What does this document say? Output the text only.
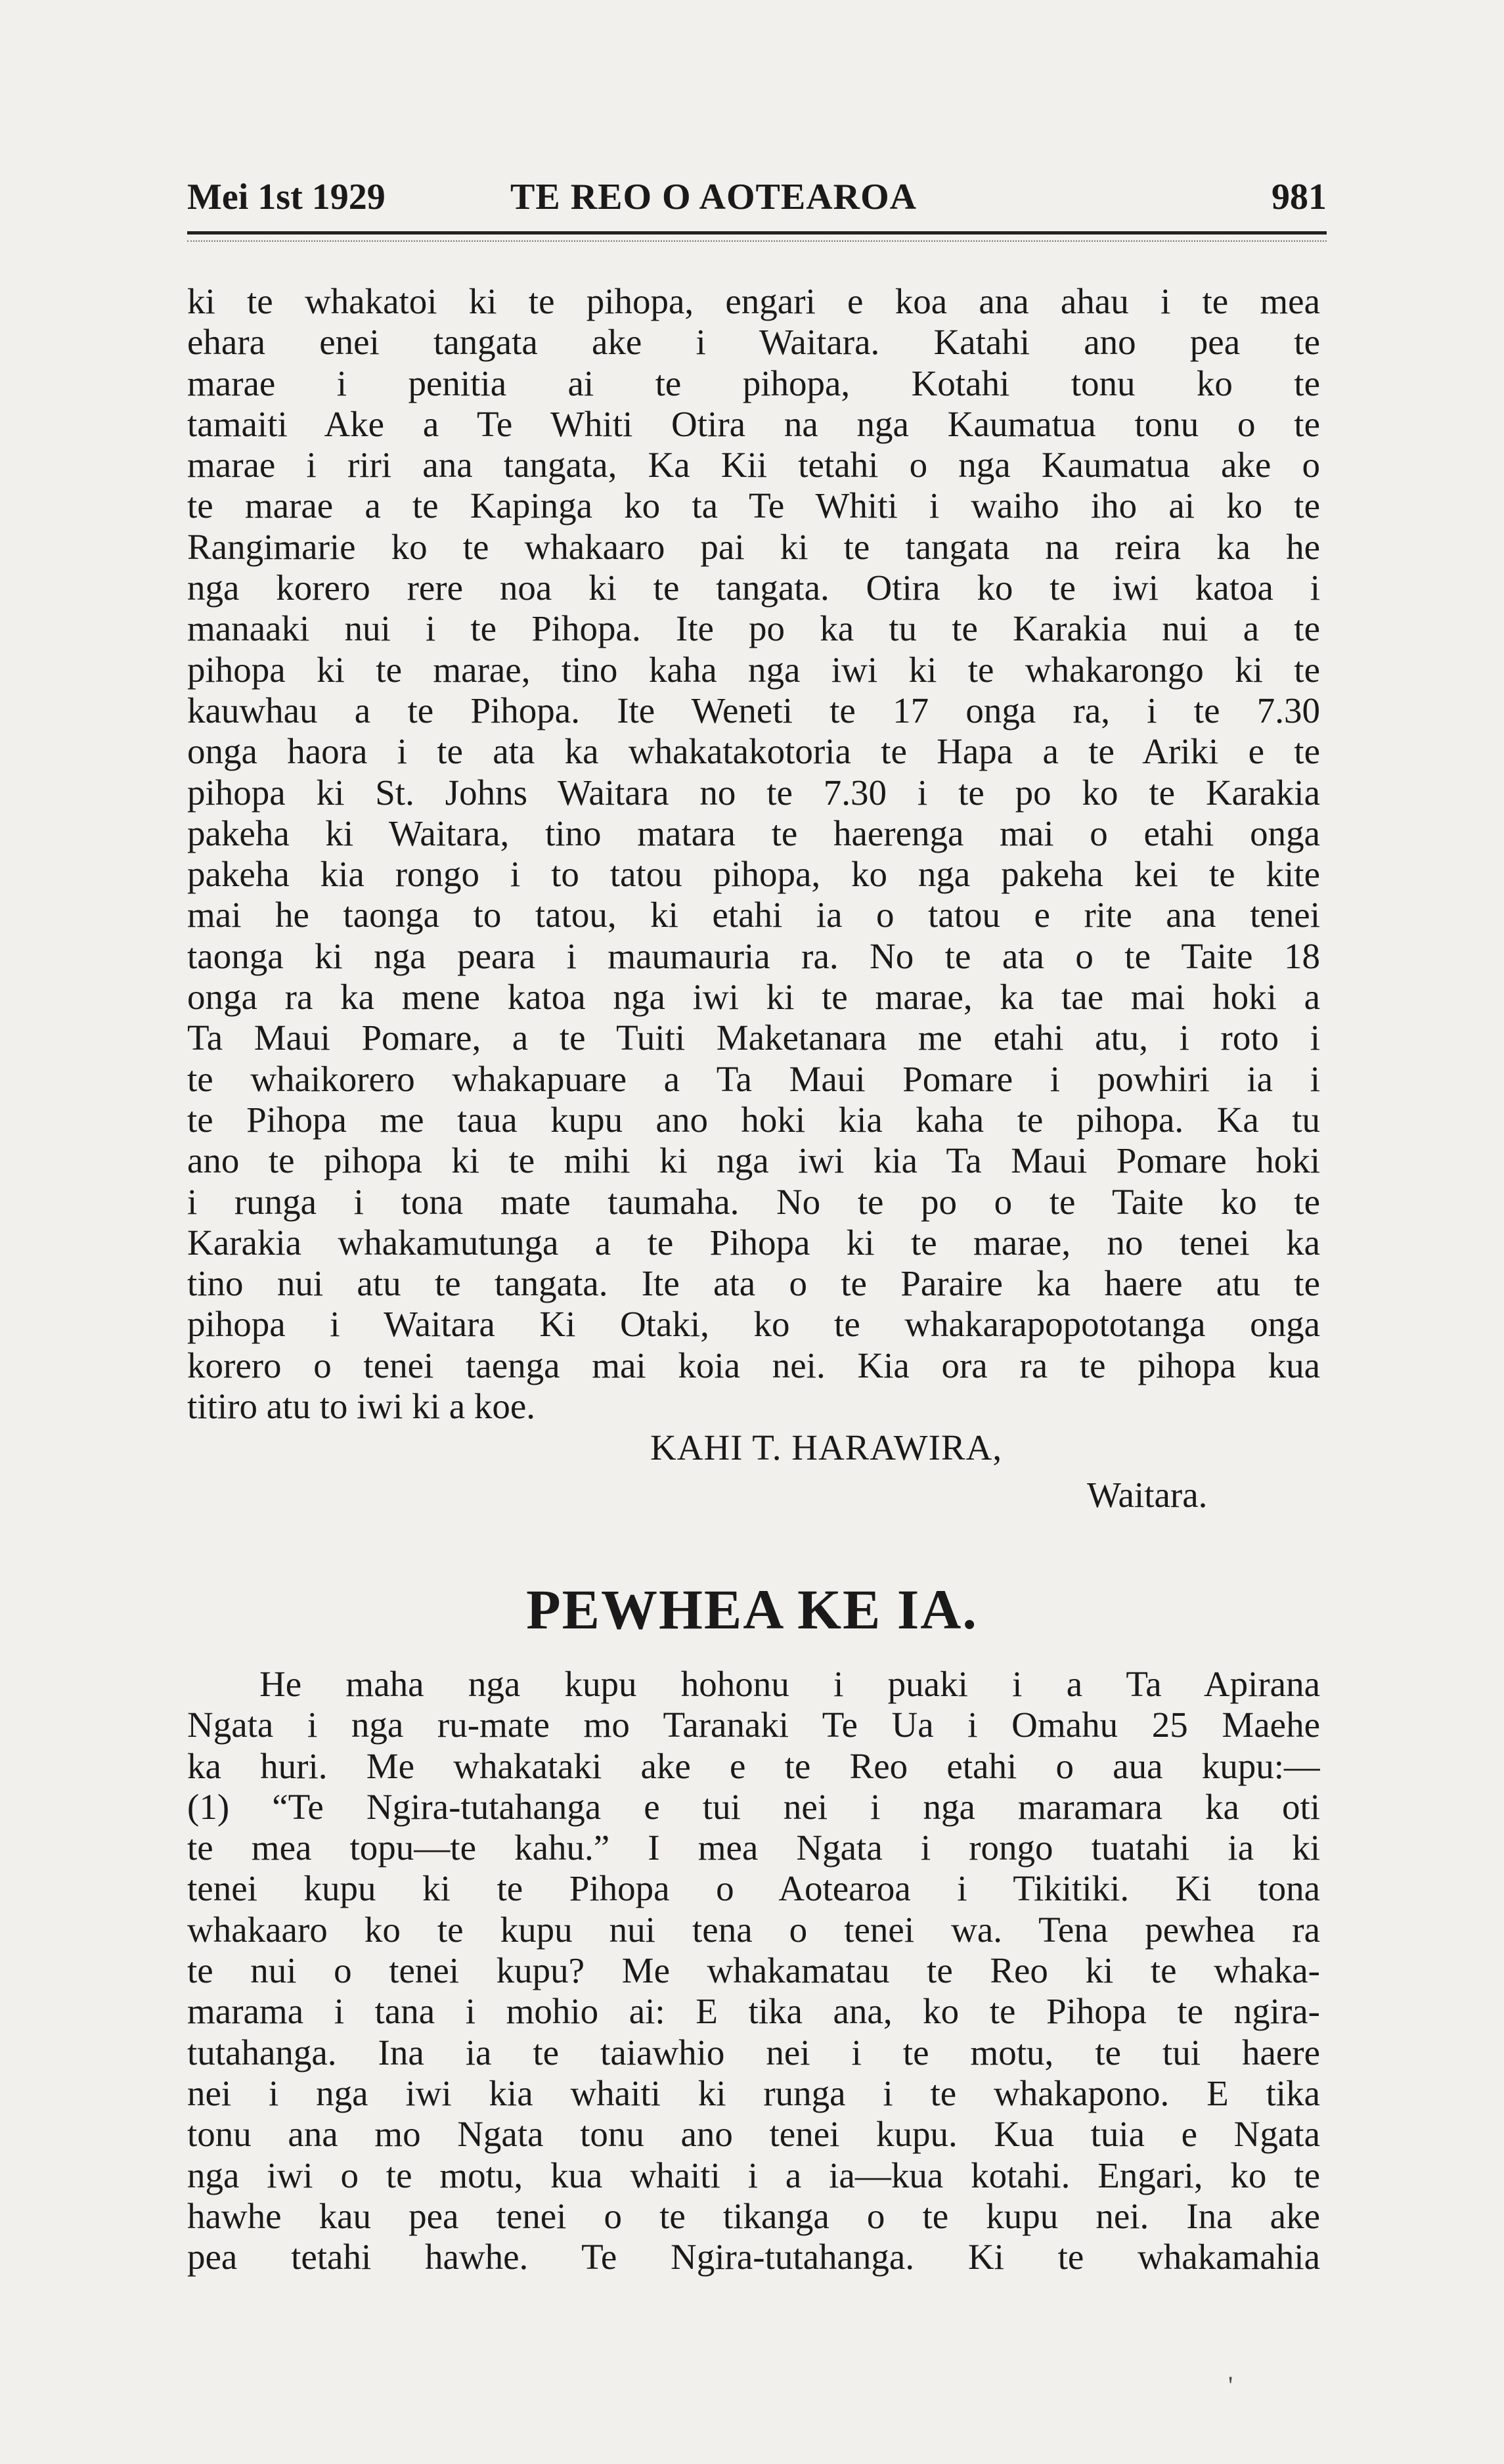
Mei 1st 1929	TE REO O AOTEAROA	981
ki te whakatoi ki te pihopa, engari e koa ana ahau i te mea
ehara enei tangata ake i Waitara. Katahi ano pea te
marae i penitia ai te pihopa, Kotahi tonu ko te
tamaiti Ake a Te Whiti Otira na nga Kaumatua tonu o te
marae i riri ana tangata, Ka Kii tetahi o nga Kaumatua ake o
te marae a te Kapinga ko ta Te Whiti i waiho iho ai ko te
Rangimarie ko te whakaaro pai ki te tangata na reira ka he
nga korero rere noa ki te tangata. Otira ko te iwi katoa i
manaaki nui i te Pihopa. Ite po ka tu te Karakia nui a te
pihopa ki te marae, tino kaha nga iwi ki te whakarongo ki te
kauwhau a te Pihopa. Ite Weneti te 17 onga ra, i te 7.30
onga haora i te ata ka whakatakotoria te Hapa a te Ariki e te
pihopa ki St. Johns Waitara no te 7.30 i te po ko te Karakia
pakeha ki Waitara, tino matara te haerenga mai o etahi onga
pakeha kia rongo i to tatou pihopa, ko nga pakeha kei te kite
mai he taonga to tatou, ki etahi ia o tatou e rite ana tenei
taonga ki nga peara i maumauria ra. No te ata o te Taite 18
onga ra ka mene katoa nga iwi ki te marae, ka tae mai hoki a
Ta Maui Pomare, a te Tuiti Maketanara me etahi atu, i roto i
te whaikorero whakapuare a Ta Maui Pomare i powhiri ia i
te Pihopa me taua kupu ano hoki kia kaha te pihopa. Ka tu
ano te pihopa ki te mihi ki nga iwi kia Ta Maui Pomare hoki
i runga i tona mate taumaha. No te po o te Taite ko te
Karakia whakamutunga a te Pihopa ki te marae, no tenei ka
tino nui atu te tangata. Ite ata o te Paraire ka haere atu te
pihopa i Waitara Ki Otaki, ko te whakarapopototanga onga
korero o tenei taenga mai koia nei. Kia ora ra te pihopa kua
titiro atu to iwi ki a koe.
KAHI T. HARAWIRA,
Waitara.
PEWHEA KE IA.
He maha nga kupu hohonu i puaki i a Ta Apirana
Ngata i nga ru-mate mo Taranaki Te Ua i Omahu 25 Maehe
ka huri. Me whakataki ake e te Reo etahi o aua kupu:—
(1) “Te Ngira-tutahanga e tui nei i nga maramara ka oti
te mea topu—te kahu.” I mea Ngata i rongo tuatahi ia ki
tenei kupu ki te Pihopa o Aotearoa i Tikitiki. Ki tona
whakaaro ko te kupu nui tena o tenei wa. Tena pewhea ra
te nui o tenei kupu? Me whakamatau te Reo ki te whaka-
marama i tana i mohio ai: E tika ana, ko te Pihopa te ngira-
tutahanga. Ina ia te taiawhio nei i te motu, te tui haere
nei i nga iwi kia whaiti ki runga i te whakapono. E tika
tonu ana mo Ngata tonu ano tenei kupu. Kua tuia e Ngata
nga iwi o te motu, kua whaiti i a ia—kua kotahi. Engari, ko te
hawhe kau pea tenei o te tikanga o te kupu nei. Ina ake
pea tetahi hawhe. Te Ngira-tutahanga. Ki te whakamahia
'
